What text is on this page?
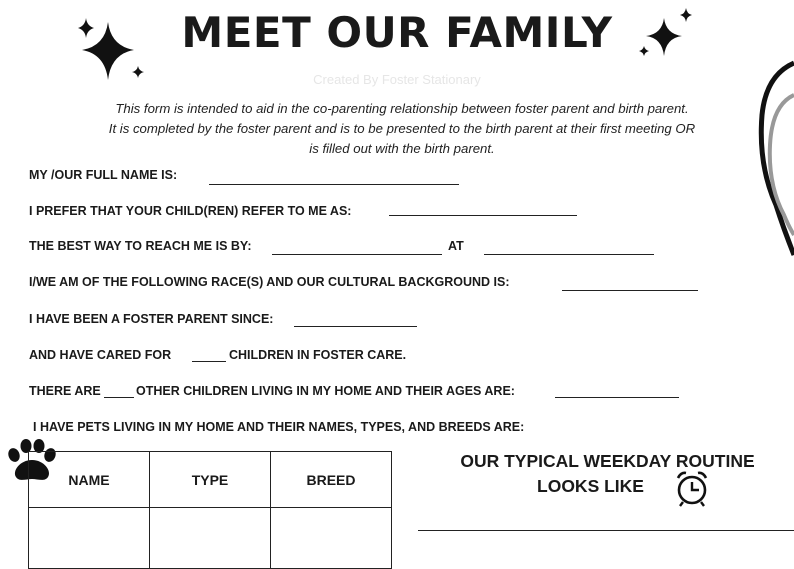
MEET OUR FAMILY
Created By Foster Stationary
This form is intended to aid in the co-parenting relationship between foster parent and birth parent.
It is completed by the foster parent and is to be presented to the birth parent at their first meeting OR
is filled out with the birth parent.
MY /OUR FULL NAME IS:
I PREFER THAT YOUR CHILD(REN) REFER TO ME AS:
THE BEST WAY TO REACH ME IS BY:	AT
I/WE AM OF THE FOLLOWING RACE(S) AND OUR CULTURAL BACKGROUND IS:
I HAVE BEEN A FOSTER PARENT SINCE:
AND HAVE CARED FOR	CHILDREN IN FOSTER CARE.
THERE ARE	OTHER CHILDREN LIVING IN MY HOME AND THEIR AGES ARE:
I HAVE PETS LIVING IN MY HOME AND THEIR NAMES, TYPES, AND BREEDS ARE:
NAME	TYPE	BREED

OUR TYPICAL WEEKDAY ROUTINE
LOOKS LIKE
